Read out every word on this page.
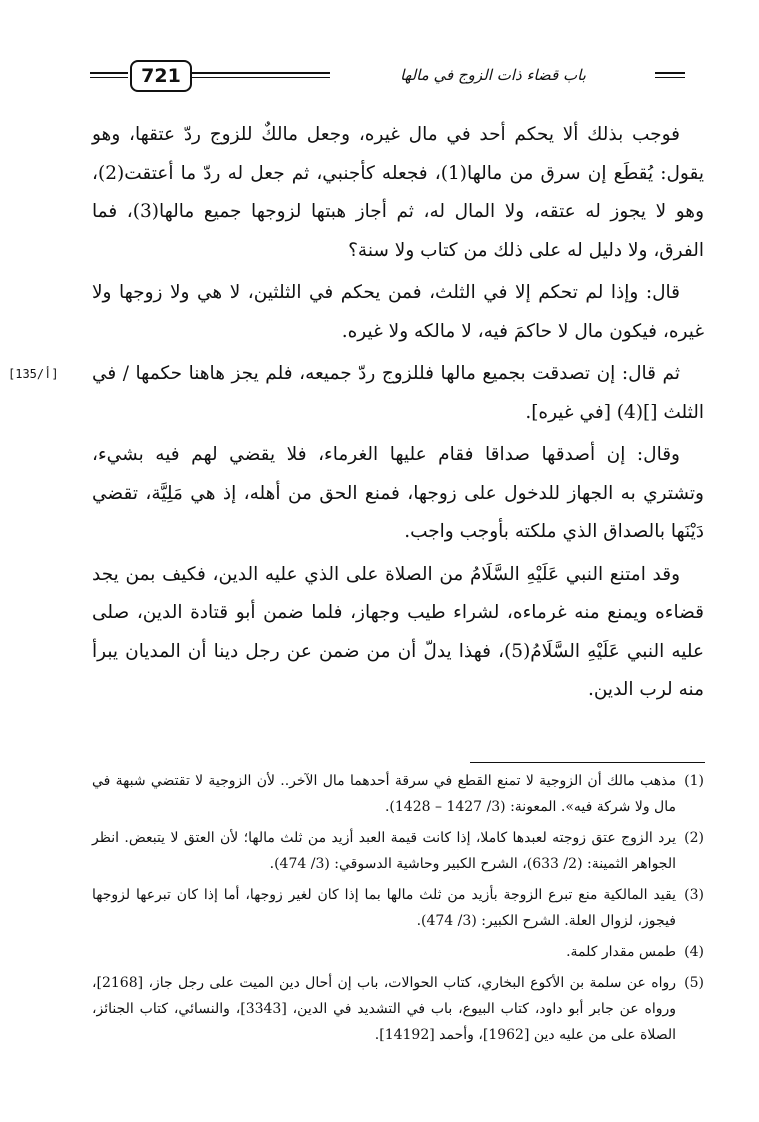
721	باب قضاء ذات الزوج في مالها
[135/أ]

فوجب بذلك ألا يحكم أحد في مال غيره، وجعل مالكٌ للزوج ردّ عتقها، وهو يقول: يُقطَع إن سرق من مالها(1)، فجعله كأجنبي، ثم جعل له ردّ ما أعتقت(2)، وهو لا يجوز له عتقه، ولا المال له، ثم أجاز هبتها لزوجها جميع مالها(3)، فما الفرق، ولا دليل له على ذلك من كتاب ولا سنة؟

قال: وإذا لم تحكم إلا في الثلث، فمن يحكم في الثلثين، لا هي ولا زوجها ولا غيره، فيكون مال لا حاكمَ فيه، لا مالكه ولا غيره.

ثم قال: إن تصدقت بجميع مالها فللزوج ردّ جميعه، فلم يجز هاهنا حكمها / في الثلث [](4) [في غيره].

وقال: إن أصدقها صداقا فقام عليها الغرماء، فلا يقضي لهم فيه بشيء، وتشتري به الجهاز للدخول على زوجها، فمنع الحق من أهله، إذ هي مَلِيَّة، تقضي دَيْنَها بالصداق الذي ملكته بأوجب واجب.

وقد امتنع النبي عَلَيْهِ السَّلَامُ من الصلاة على الذي عليه الدين، فكيف بمن يجد قضاءه ويمنع منه غرماءه، لشراء طيب وجهاز، فلما ضمن أبو قتادة الدين، صلى عليه النبي عَلَيْهِ السَّلَامُ(5)، فهذا يدلّ أن من ضمن عن رجل دينا أن المديان يبرأ منه لرب الدين.

(1)
مذهب مالك أن الزوجية لا تمنع القطع في سرقة أحدهما مال الآخر.. لأن الزوجية لا تقتضي شبهة في مال ولا شركة فيه». المعونة: (3/ 1427 – 1428).
(2)
يرد الزوج عتق زوجته لعبدها كاملا، إذا كانت قيمة العبد أزيد من ثلث مالها؛ لأن العتق لا يتبعض. انظر الجواهر الثمينة: (2/ 633)، الشرح الكبير وحاشية الدسوقي: (3/ 474).
(3)
يقيد المالكية منع تبرع الزوجة بأزيد من ثلث مالها بما إذا كان لغير زوجها، أما إذا كان تبرعها لزوجها فيجوز، لزوال العلة. الشرح الكبير: (3/ 474).
(4)
طمس مقدار كلمة.
(5)
رواه عن سلمة بن الأكوع البخاري، كتاب الحوالات، باب إن أحال دين الميت على رجل جاز، [2168]، ورواه عن جابر أبو داود، كتاب البيوع، باب في التشديد في الدين، [3343]، والنسائي، كتاب الجنائز، الصلاة على من عليه دين [1962]، وأحمد [14192].
